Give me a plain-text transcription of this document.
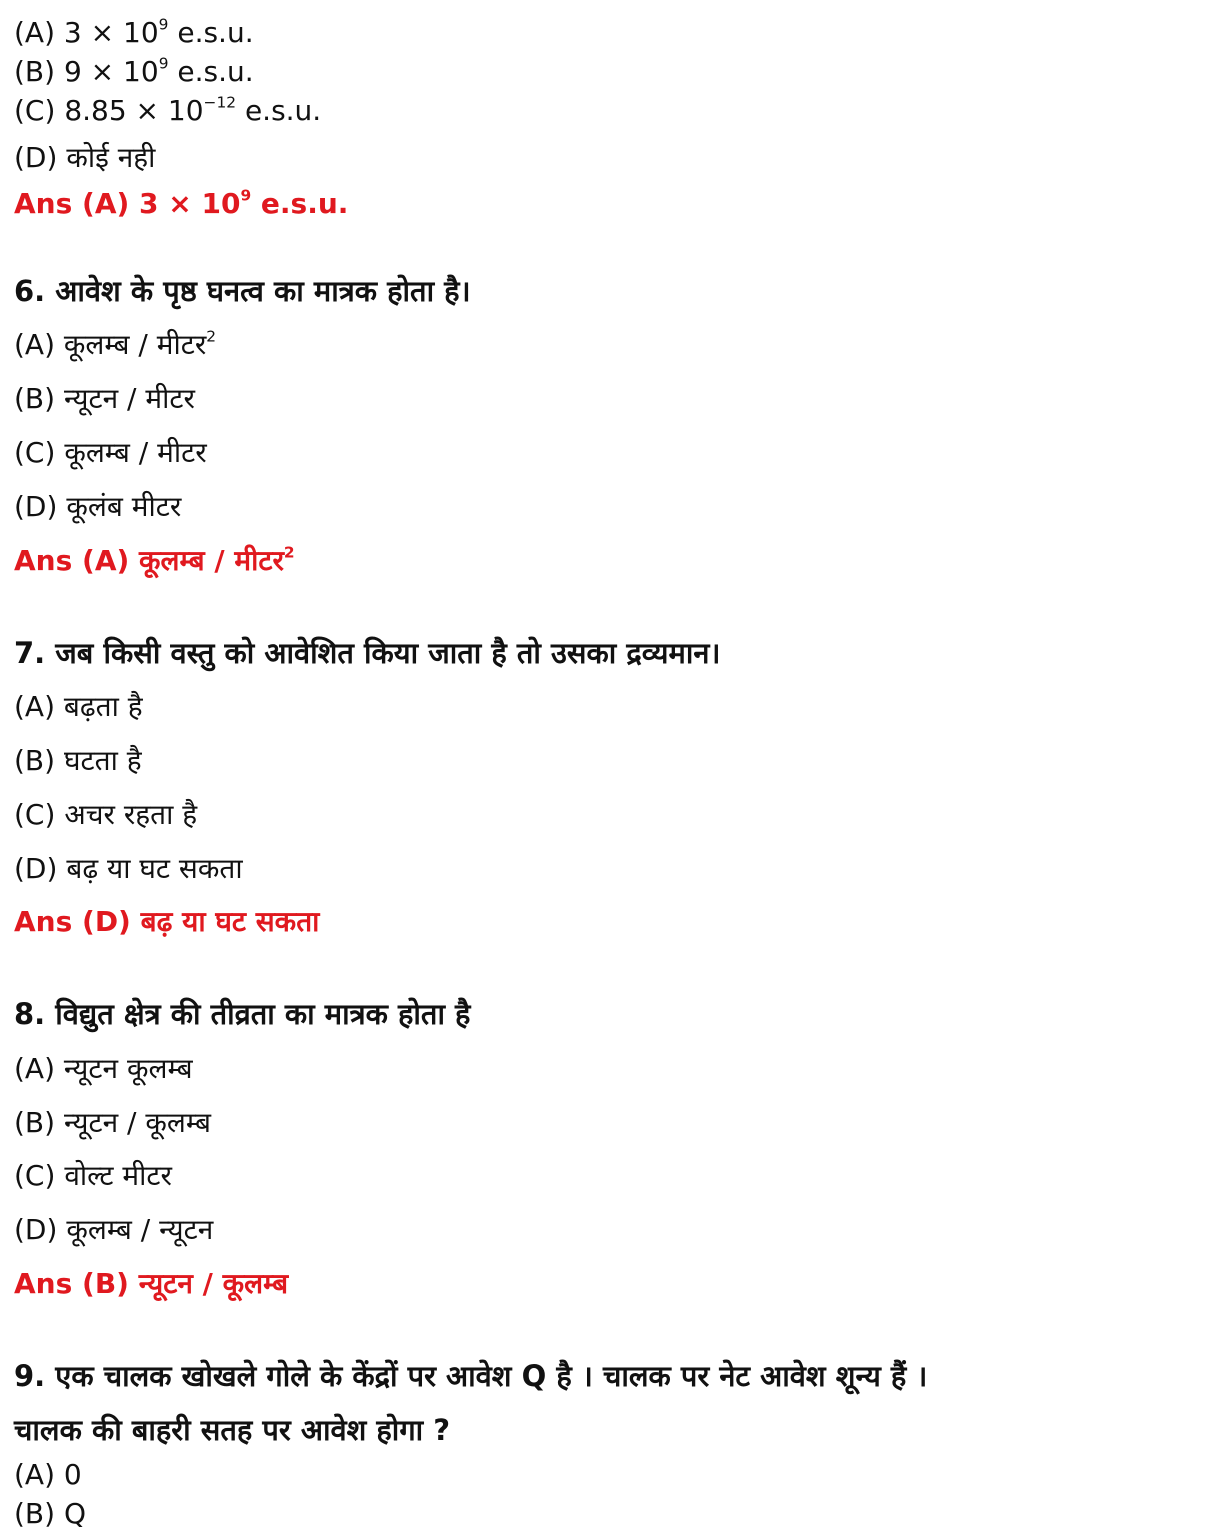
(A) $3 \times 10^9$ e.s.u.
(B) $9 \times 10^9$ e.s.u.
(C) $8.85 \times 10^{-12}$ e.s.u.
(D) कोई नही
Ans (A) $3 \times 10^9$ e.s.u.
6. आवेश के पृष्ठ घनत्व का मात्रक होता है।
(A) कूलम्ब / मीटर$^2$
(B) न्यूटन / मीटर
(C) कूलम्ब / मीटर
(D) कूलंब मीटर
Ans (A) कूलम्ब / मीटर$^2$
7. जब किसी वस्तु को आवेशित किया जाता है तो उसका द्रव्यमान।
(A) बढ़ता है
(B) घटता है
(C) अचर रहता है
(D) बढ़ या घट सकता
Ans (D) बढ़ या घट सकता
8. विद्युत क्षेत्र की तीव्रता का मात्रक होता है
(A) न्यूटन कूलम्ब
(B) न्यूटन / कूलम्ब
(C) वोल्ट मीटर
(D) कूलम्ब / न्यूटन
Ans (B) न्यूटन / कूलम्ब
9. एक चालक खोखले गोले के केंद्रों पर आवेश Q है । चालक पर नेट आवेश शून्य हैं ।
चालक की बाहरी सतह पर आवेश होगा ?
(A) 0
(B) Q
